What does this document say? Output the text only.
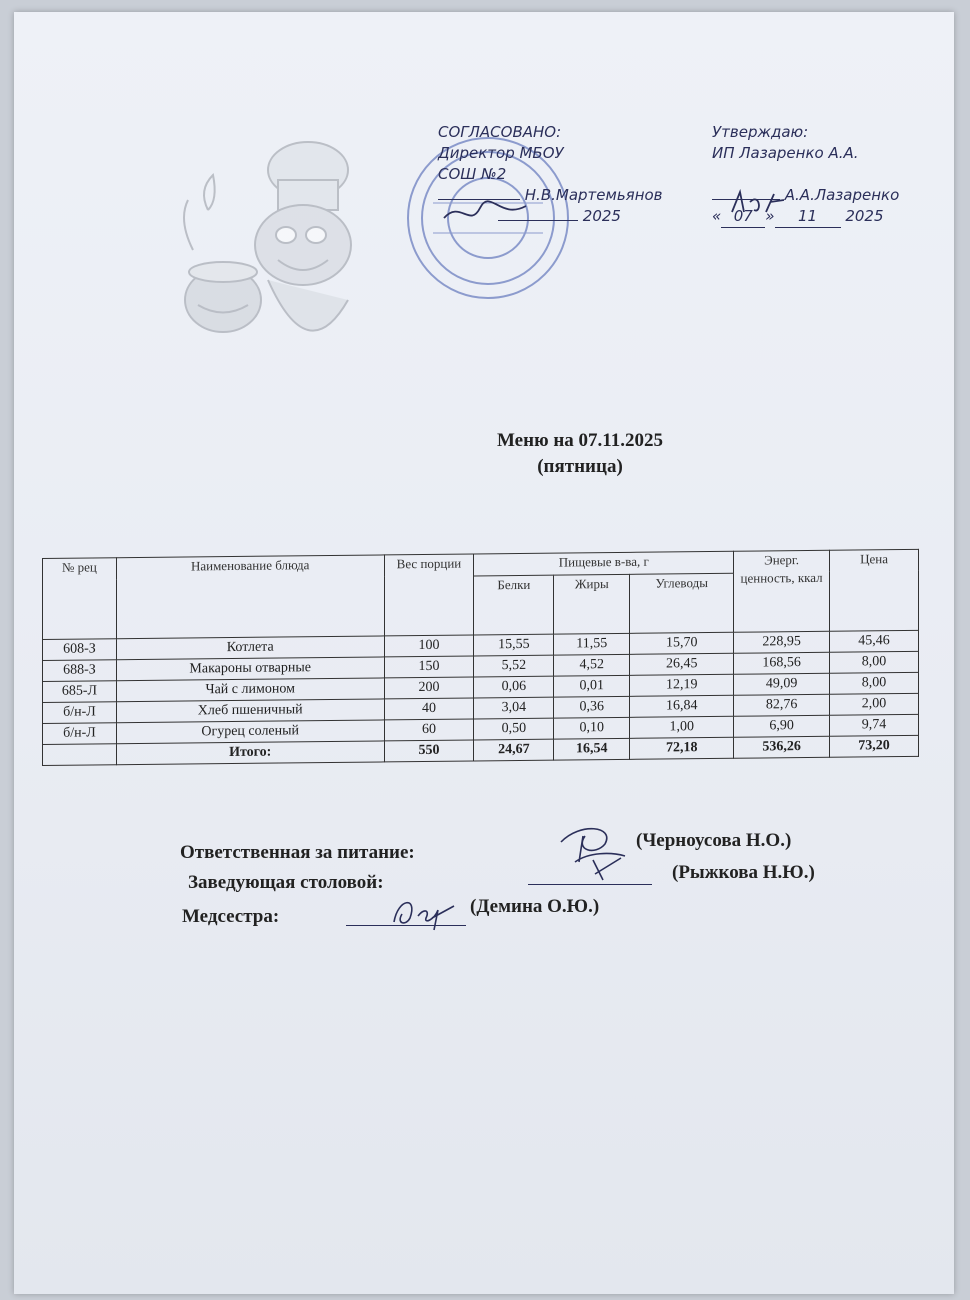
СОГЛАСОВАНО:
Директор МБОУ
СОШ №2
Н.В.Мартемьянов
2025
Утверждаю:
ИП Лазаренко А.А.
А.А.Лазаренко
« 07 » 11 2025
Меню на 07.11.2025
(пятница)
№ рец	Наименование блюда	Вес порции	Пищевые в-ва, г			Энерг. ценность, ккал	Цена
			Белки	Жиры	Углеводы		
608-З	Котлета	100	15,55	11,55	15,70	228,95	45,46
688-З	Макароны отварные	150	5,52	4,52	26,45	168,56	8,00
685-Л	Чай с лимоном	200	0,06	0,01	12,19	49,09	8,00
б/н-Л	Хлеб пшеничный	40	3,04	0,36	16,84	82,76	2,00
б/н-Л	Огурец соленый	60	0,50	0,10	1,00	6,90	9,74
	Итого:	550	24,67	16,54	72,18	536,26	73,20
Ответственная за питание:
(Черноусова Н.О.)
Заведующая столовой:	(Рыжкова Н.Ю.)
Медсестра:	(Демина О.Ю.)
